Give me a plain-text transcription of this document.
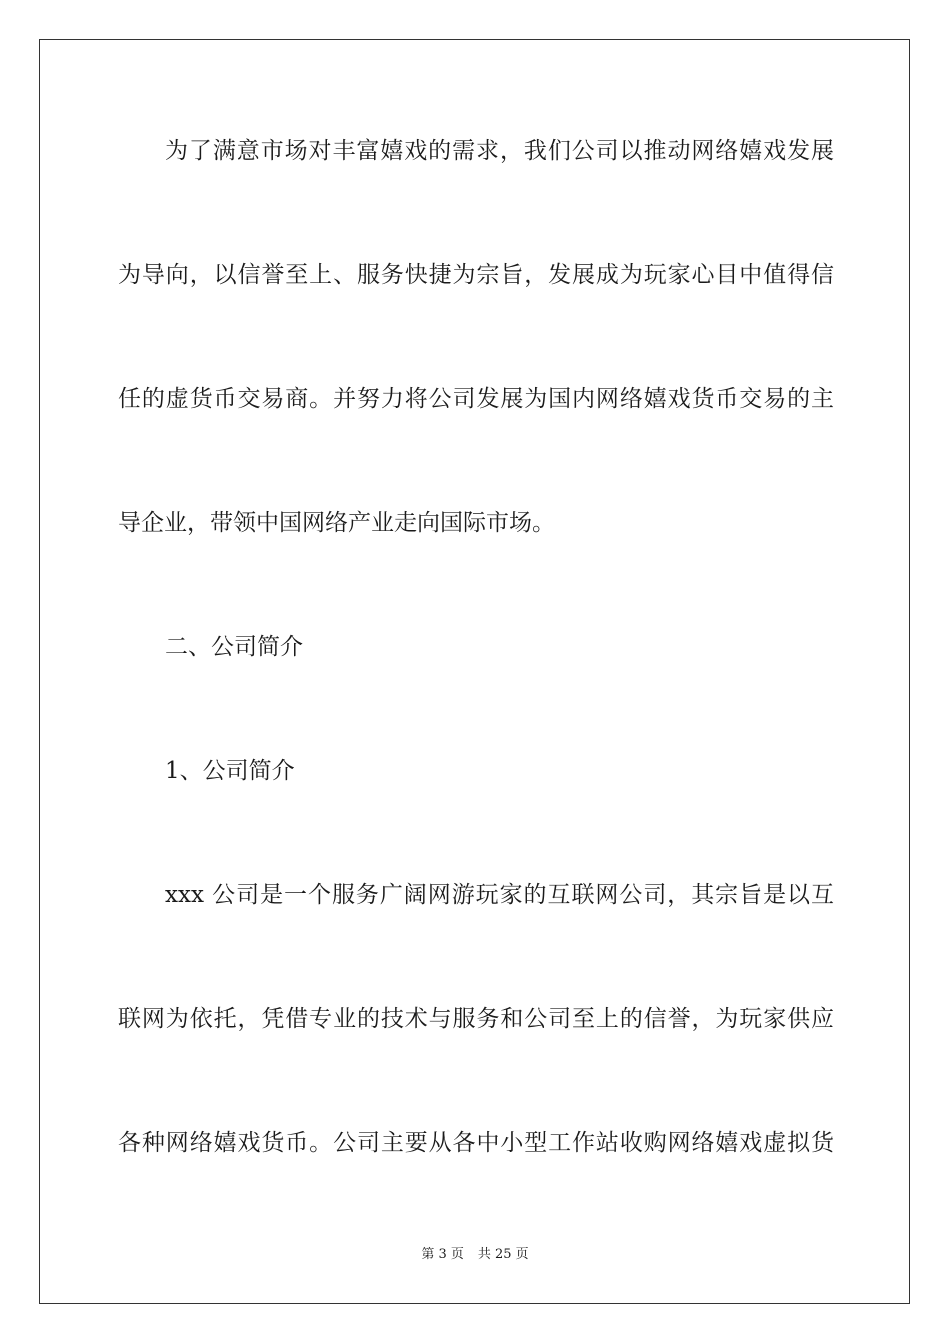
为了满意市场对丰富嬉戏的需求，我们公司以推动网络嬉戏发展
为导向，以信誉至上、服务快捷为宗旨，发展成为玩家心目中值得信
任的虚货币交易商。并努力将公司发展为国内网络嬉戏货币交易的主
导企业，带领中国网络产业走向国际市场。
二、公司简介
1、公司简介
xxx 公司是一个服务广阔网游玩家的互联网公司，其宗旨是以互
联网为依托，凭借专业的技术与服务和公司至上的信誉，为玩家供应
各种网络嬉戏货币。公司主要从各中小型工作站收购网络嬉戏虚拟货
第 3 页 共 25 页
